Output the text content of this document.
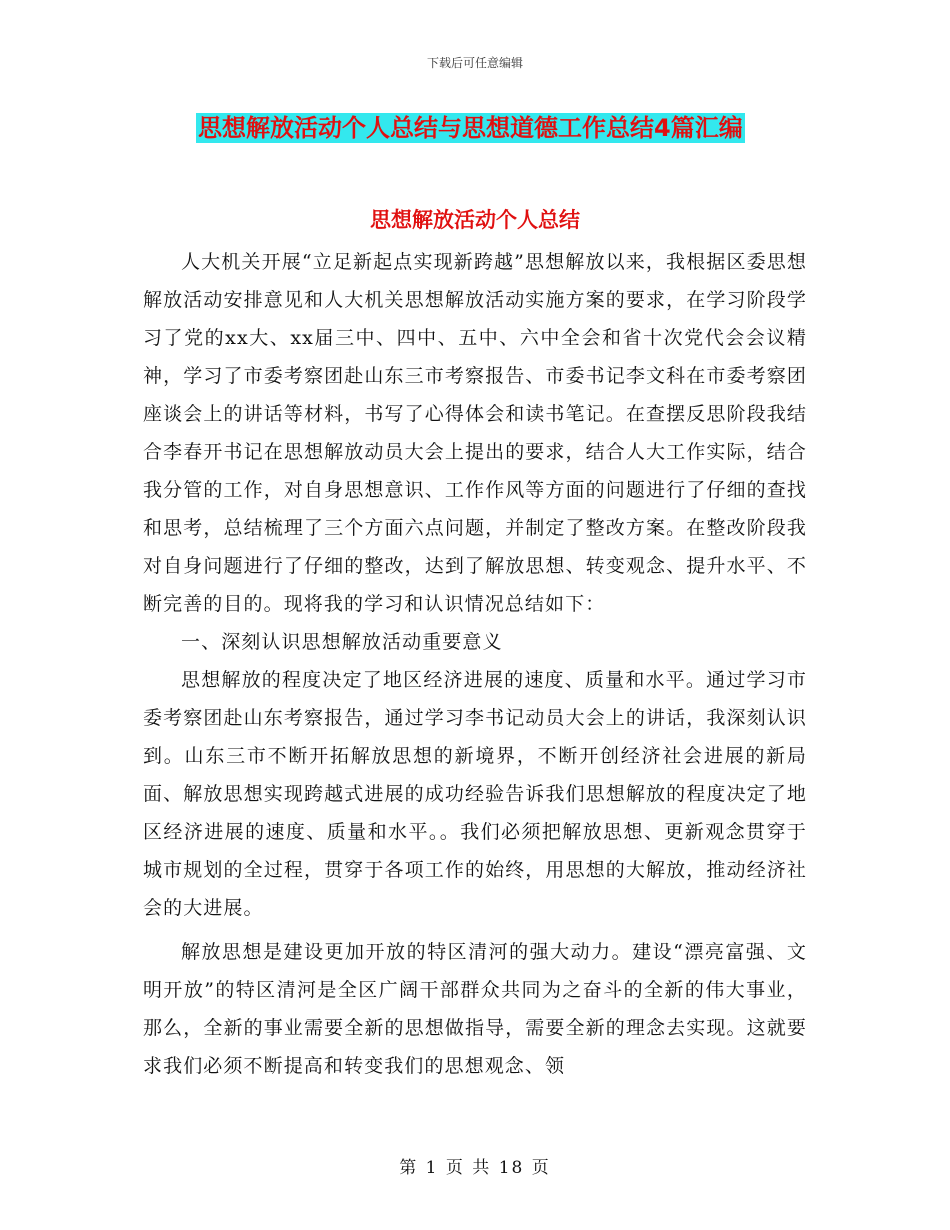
下载后可任意编辑
思想解放活动个人总结与思想道德工作总结4篇汇编
思想解放活动个人总结

人大机关开展“立足新起点实现新跨越”思想解放以来，我根据区委思想解放活动安排意见和人大机关思想解放活动实施方案的要求，在学习阶段学习了党的xx大、xx届三中、四中、五中、六中全会和省十次党代会会议精神，学习了市委考察团赴山东三市考察报告、市委书记李文科在市委考察团座谈会上的讲话等材料，书写了心得体会和读书笔记。在查摆反思阶段我结合李春开书记在思想解放动员大会上提出的要求，结合人大工作实际，结合我分管的工作，对自身思想意识、工作作风等方面的问题进行了仔细的查找和思考，总结梳理了三个方面六点问题，并制定了整改方案。在整改阶段我对自身问题进行了仔细的整改，达到了解放思想、转变观念、提升水平、不断完善的目的。现将我的学习和认识情况总结如下：

一、深刻认识思想解放活动重要意义

思想解放的程度决定了地区经济进展的速度、质量和水平。通过学习市委考察团赴山东考察报告，通过学习李书记动员大会上的讲话，我深刻认识到。山东三市不断开拓解放思想的新境界，不断开创经济社会进展的新局面、解放思想实现跨越式进展的成功经验告诉我们思想解放的程度决定了地区经济进展的速度、质量和水平。。我们必须把解放思想、更新观念贯穿于城市规划的全过程，贯穿于各项工作的始终，用思想的大解放，推动经济社会的大进展。

解放思想是建设更加开放的特区清河的强大动力。建设“漂亮富强、文明开放”的特区清河是全区广阔干部群众共同为之奋斗的全新的伟大事业，那么，全新的事业需要全新的思想做指导，需要全新的理念去实现。这就要求我们必须不断提高和转变我们的思想观念、领

第 1 页 共 18 页
